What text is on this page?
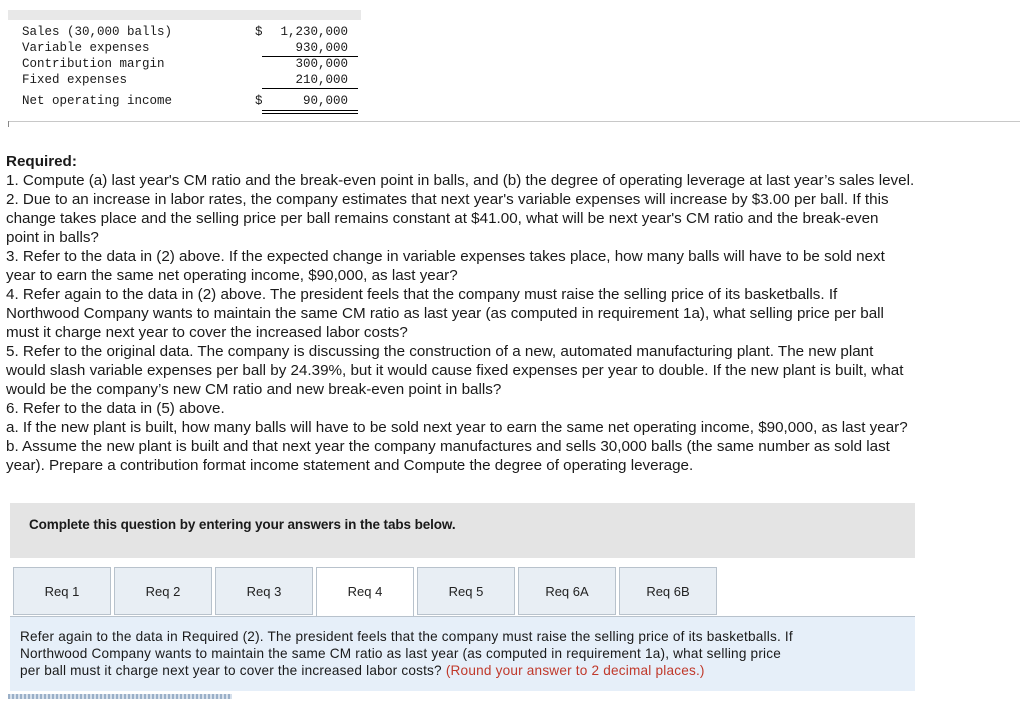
Sales (30,000 balls)	$ 1,230,000
Variable expenses	930,000
Contribution margin	300,000
Fixed expenses	210,000
Net operating income	$	90,000
Required:
1. Compute (a) last year's CM ratio and the break-even point in balls, and (b) the degree of operating leverage at last year’s sales level.
2. Due to an increase in labor rates, the company estimates that next year's variable expenses will increase by $3.00 per ball. If this
change takes place and the selling price per ball remains constant at $41.00, what will be next year's CM ratio and the break-even
point in balls?
3. Refer to the data in (2) above. If the expected change in variable expenses takes place, how many balls will have to be sold next
year to earn the same net operating income, $90,000, as last year?
4. Refer again to the data in (2) above. The president feels that the company must raise the selling price of its basketballs. If
Northwood Company wants to maintain the same CM ratio as last year (as computed in requirement 1a), what selling price per ball
must it charge next year to cover the increased labor costs?
5. Refer to the original data. The company is discussing the construction of a new, automated manufacturing plant. The new plant
would slash variable expenses per ball by 24.39%, but it would cause fixed expenses per year to double. If the new plant is built, what
would be the company’s new CM ratio and new break-even point in balls?
6. Refer to the data in (5) above.
a. If the new plant is built, how many balls will have to be sold next year to earn the same net operating income, $90,000, as last year?
b. Assume the new plant is built and that next year the company manufactures and sells 30,000 balls (the same number as sold last
year). Prepare a contribution format income statement and Compute the degree of operating leverage.
Complete this question by entering your answers in the tabs below.
Req 1	Req 2	Req 3	Req 4	Req 5	Req 6A	Req 6B
Refer again to the data in Required (2). The president feels that the company must raise the selling price of its basketballs. If
Northwood Company wants to maintain the same CM ratio as last year (as computed in requirement 1a), what selling price
per ball must it charge next year to cover the increased labor costs? (Round your answer to 2 decimal places.)
